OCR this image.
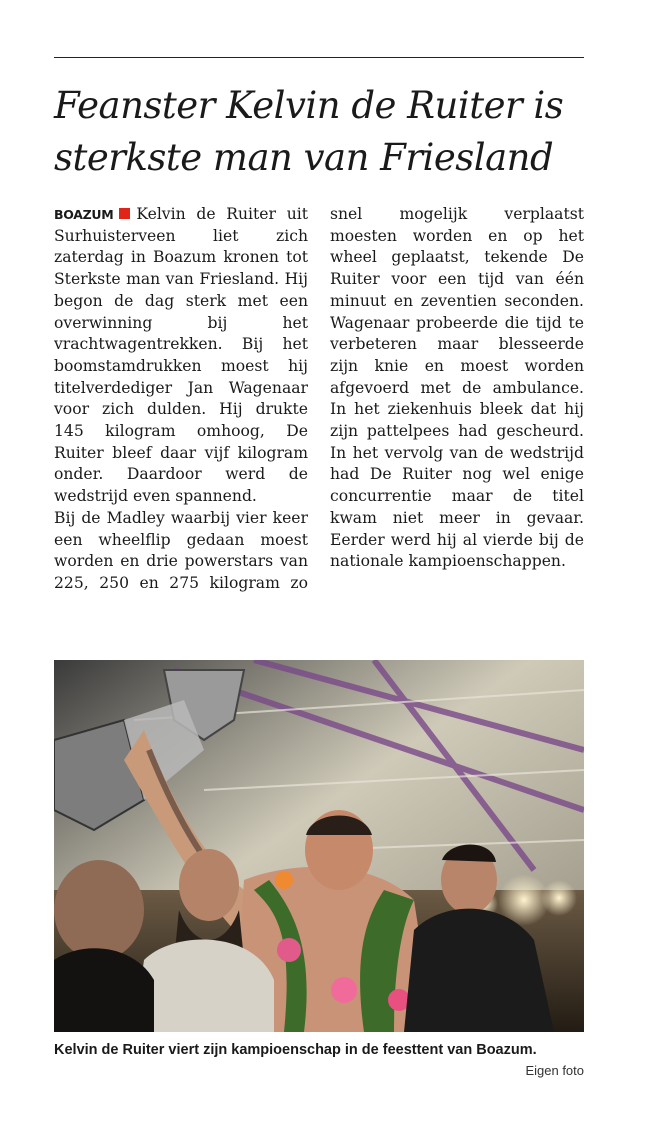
Feanster Kelvin de Ruiter is sterkste man van Friesland

BOAZUM Kelvin de Ruiter uit Surhuisterveen liet zich zaterdag in Boazum kronen tot Sterkste man van Friesland. Hij begon de dag sterk met een overwinning bij het vrachtwagentrekken. Bij het boomstamdrukken moest hij titelverdediger Jan Wagenaar voor zich dulden. Hij drukte 145 kilogram omhoog, De Ruiter bleef daar vijf kilogram onder. Daardoor werd de wedstrijd even spannend.

Bij de Madley waarbij vier keer een wheelflip gedaan moest worden en drie powerstars van 225, 250 en 275 kilogram zo snel mogelijk verplaatst moesten worden en op het wheel geplaatst, tekende De Ruiter voor een tijd van één minuut en zeventien seconden. Wagenaar probeerde die tijd te verbeteren maar blesseerde zijn knie en moest worden afgevoerd met de ambulance. In het ziekenhuis bleek dat hij zijn pattelpees had gescheurd. In het vervolg van de wedstrijd had De Ruiter nog wel enige concurrentie maar de titel kwam niet meer in gevaar. Eerder werd hij al vierde bij de nationale kampioenschappen.

Kelvin de Ruiter viert zijn kampioenschap in de feesttent van Boazum.

Eigen foto
